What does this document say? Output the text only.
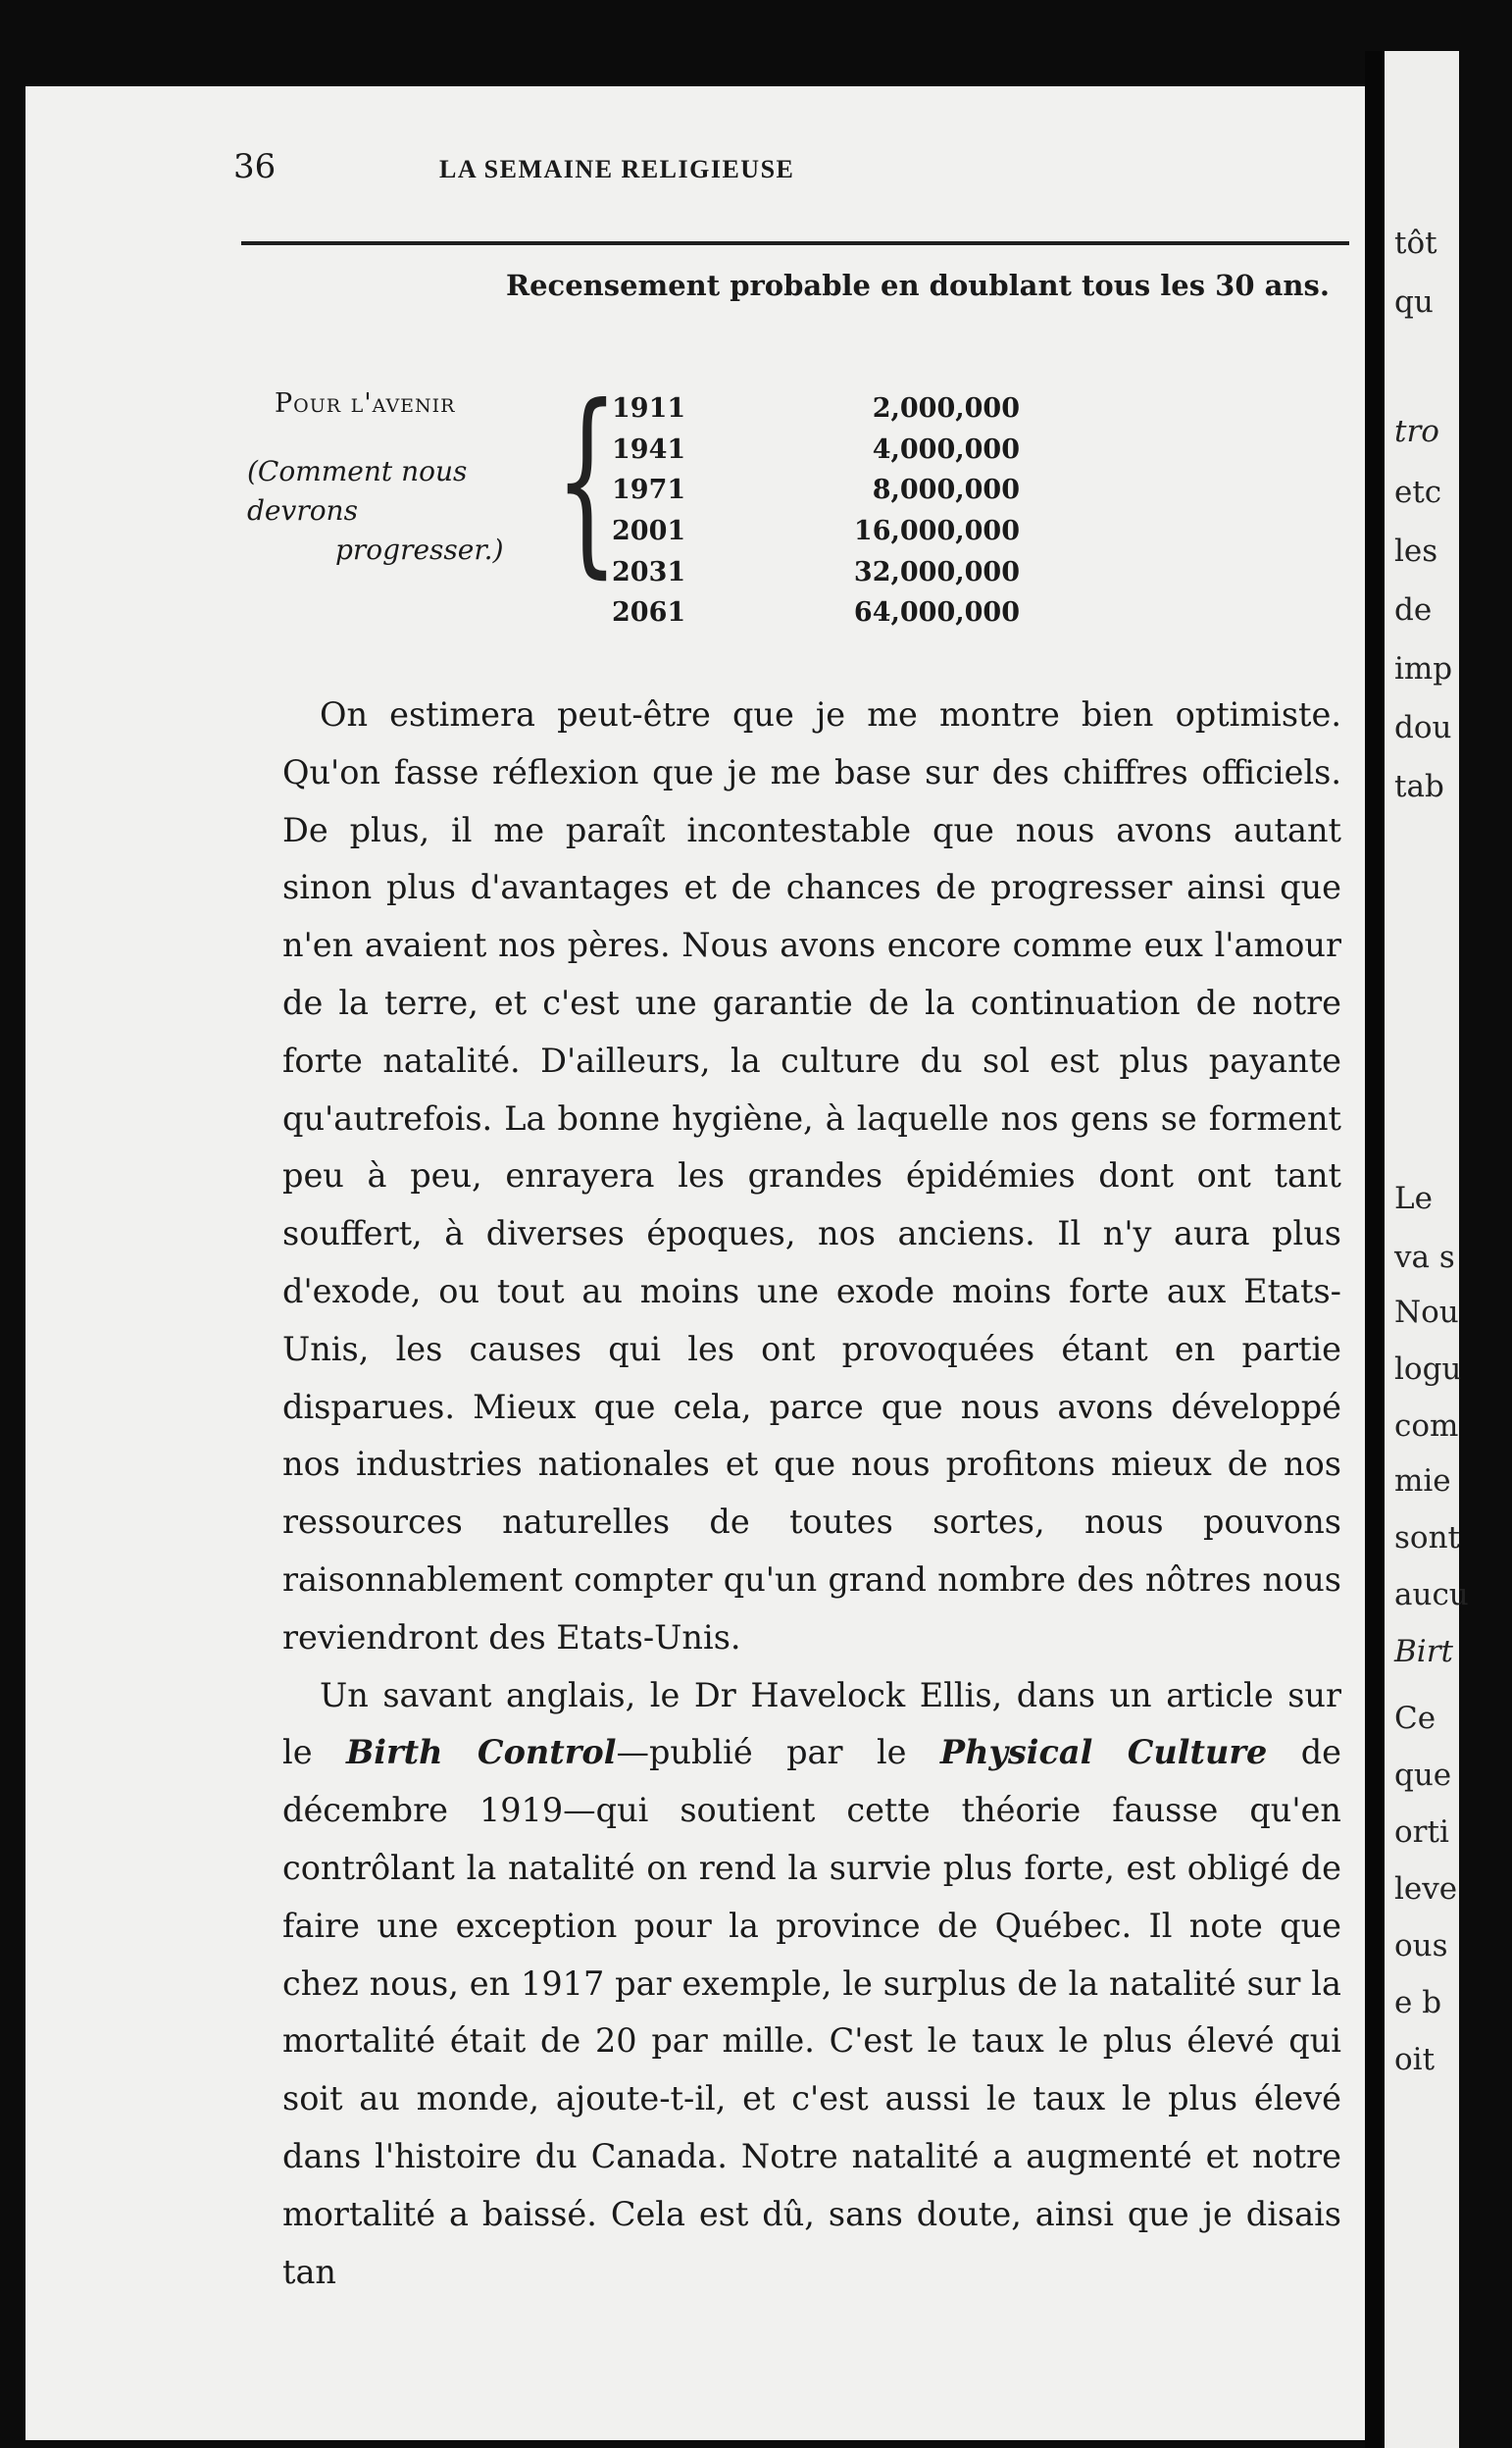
36	LA SEMAINE RELIGIEUSE
Recensement probable en doublant tous les 30 ans.
Pour l'avenir
(Comment nous
devrons
progresser.) {
1911	2,000,000
1941	4,000,000
1971	8,000,000
2001	16,000,000
2031	32,000,000
2061	64,000,000

On estimera peut-être que je me montre bien optimiste. Qu'on fasse réflexion que je me base sur des chiffres officiels. De plus, il me paraît incontestable que nous avons autant sinon plus d'avantages et de chances de progresser ainsi que n'en avaient nos pères. Nous avons encore comme eux l'amour de la terre, et c'est une garantie de la continuation de notre forte natalité. D'ailleurs, la culture du sol est plus payante qu'autrefois. La bonne hygiène, à laquelle nos gens se forment peu à peu, enrayera les grandes épidémies dont ont tant souffert, à diverses époques, nos anciens. Il n'y aura plus d'exode, ou tout au moins une exode moins forte aux Etats-Unis, les causes qui les ont provoquées étant en partie disparues. Mieux que cela, parce que nous avons développé nos industries nationales et que nous profitons mieux de nos ressources naturelles de toutes sortes, nous pouvons raisonnablement compter qu'un grand nombre des nôtres nous reviendront des Etats-Unis.

Un savant anglais, le Dr Havelock Ellis, dans un article sur le Birth Control—publié par le Physical Culture de décembre 1919—qui soutient cette théorie fausse qu'en contrôlant la natalité on rend la survie plus forte, est obligé de faire une exception pour la province de Québec. Il note que chez nous, en 1917 par exemple, le surplus de la natalité sur la mortalité était de 20 par mille. C'est le taux le plus élevé qui soit au monde, ajoute-t-il, et c'est aussi le taux le plus élevé dans l'histoire du Canada. Notre natalité a augmenté et notre mortalité a baissé. Cela est dû, sans doute, ainsi que je disais tan

tôt
qu
tro
etc
les
de
imp
dou
tab
Le
va s
Nou
logu
com
mie
sont
aucu
Birt
Ce
que
orti
leve
ous
e b
oit
